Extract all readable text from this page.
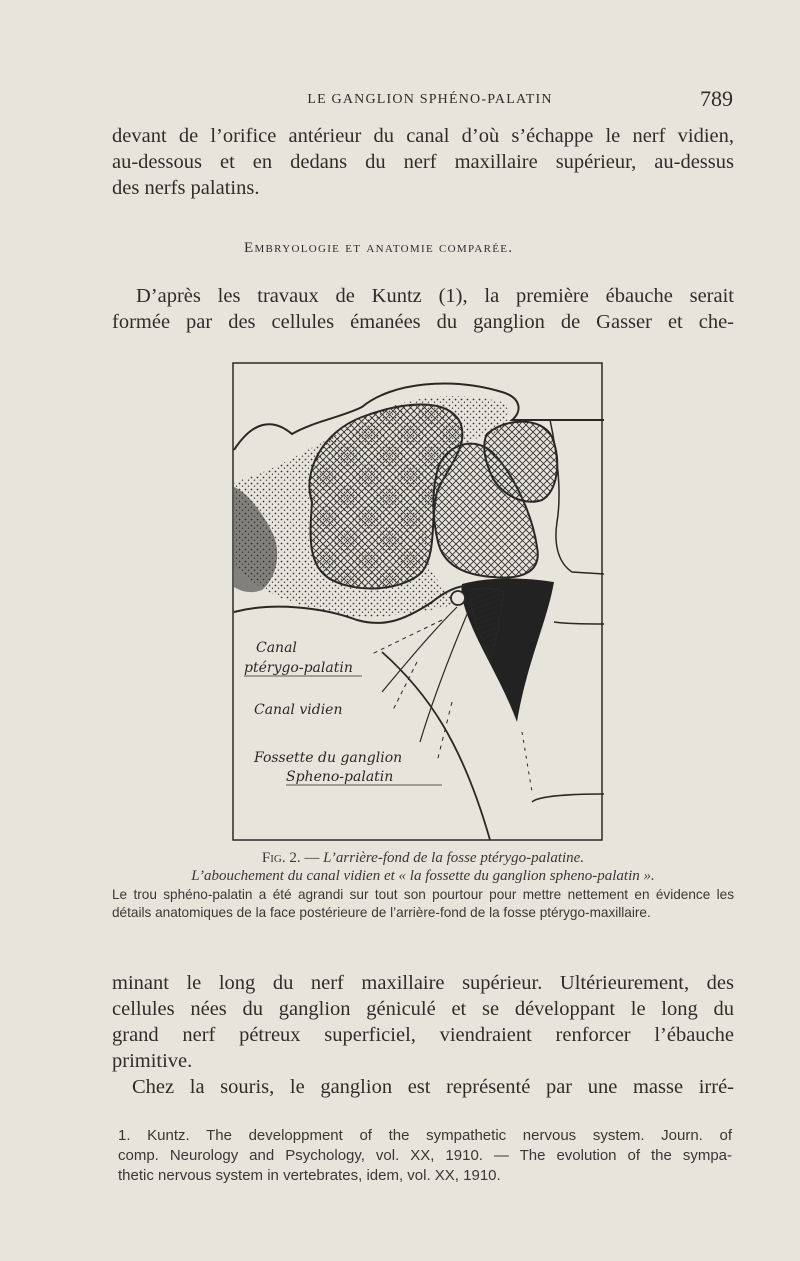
LE GANGLION SPHÉNO-PALATIN	789
devant de l’orifice antérieur du canal d’où s’échappe le nerf vidien,
au-dessous et en dedans du nerf maxillaire supérieur, au-dessus
des nerfs palatins.
Embryologie et anatomie comparée.
D’après les travaux de Kuntz (1), la première ébauche serait
formée par des cellules émanées du ganglion de Gasser et che-
Canal
ptérygo-palatin
Canal vidien
Fossette du ganglion
Spheno-palatin
Fig. 2. — L’arrière-fond de la fosse ptérygo-palatine.
L’abouchement du canal vidien et « la fossette du ganglion spheno-palatin ».
Le trou sphéno-palatin a été agrandi sur tout son pourtour pour mettre nettement en évidence les détails anatomiques de la face postérieure de l’arrière-fond de la fosse ptérygo-maxillaire.
minant le long du nerf maxillaire supérieur. Ultérieurement, des
cellules nées du ganglion géniculé et se développant le long du
grand nerf pétreux superficiel, viendraient renforcer l’ébauche
primitive.
Chez la souris, le ganglion est représenté par une masse irré-
1. Kuntz. The developpment of the sympathetic nervous system. Journ. of
comp. Neurology and Psychology, vol. XX, 1910. — The evolution of the sympa-
thetic nervous system in vertebrates, idem, vol. XX, 1910.
